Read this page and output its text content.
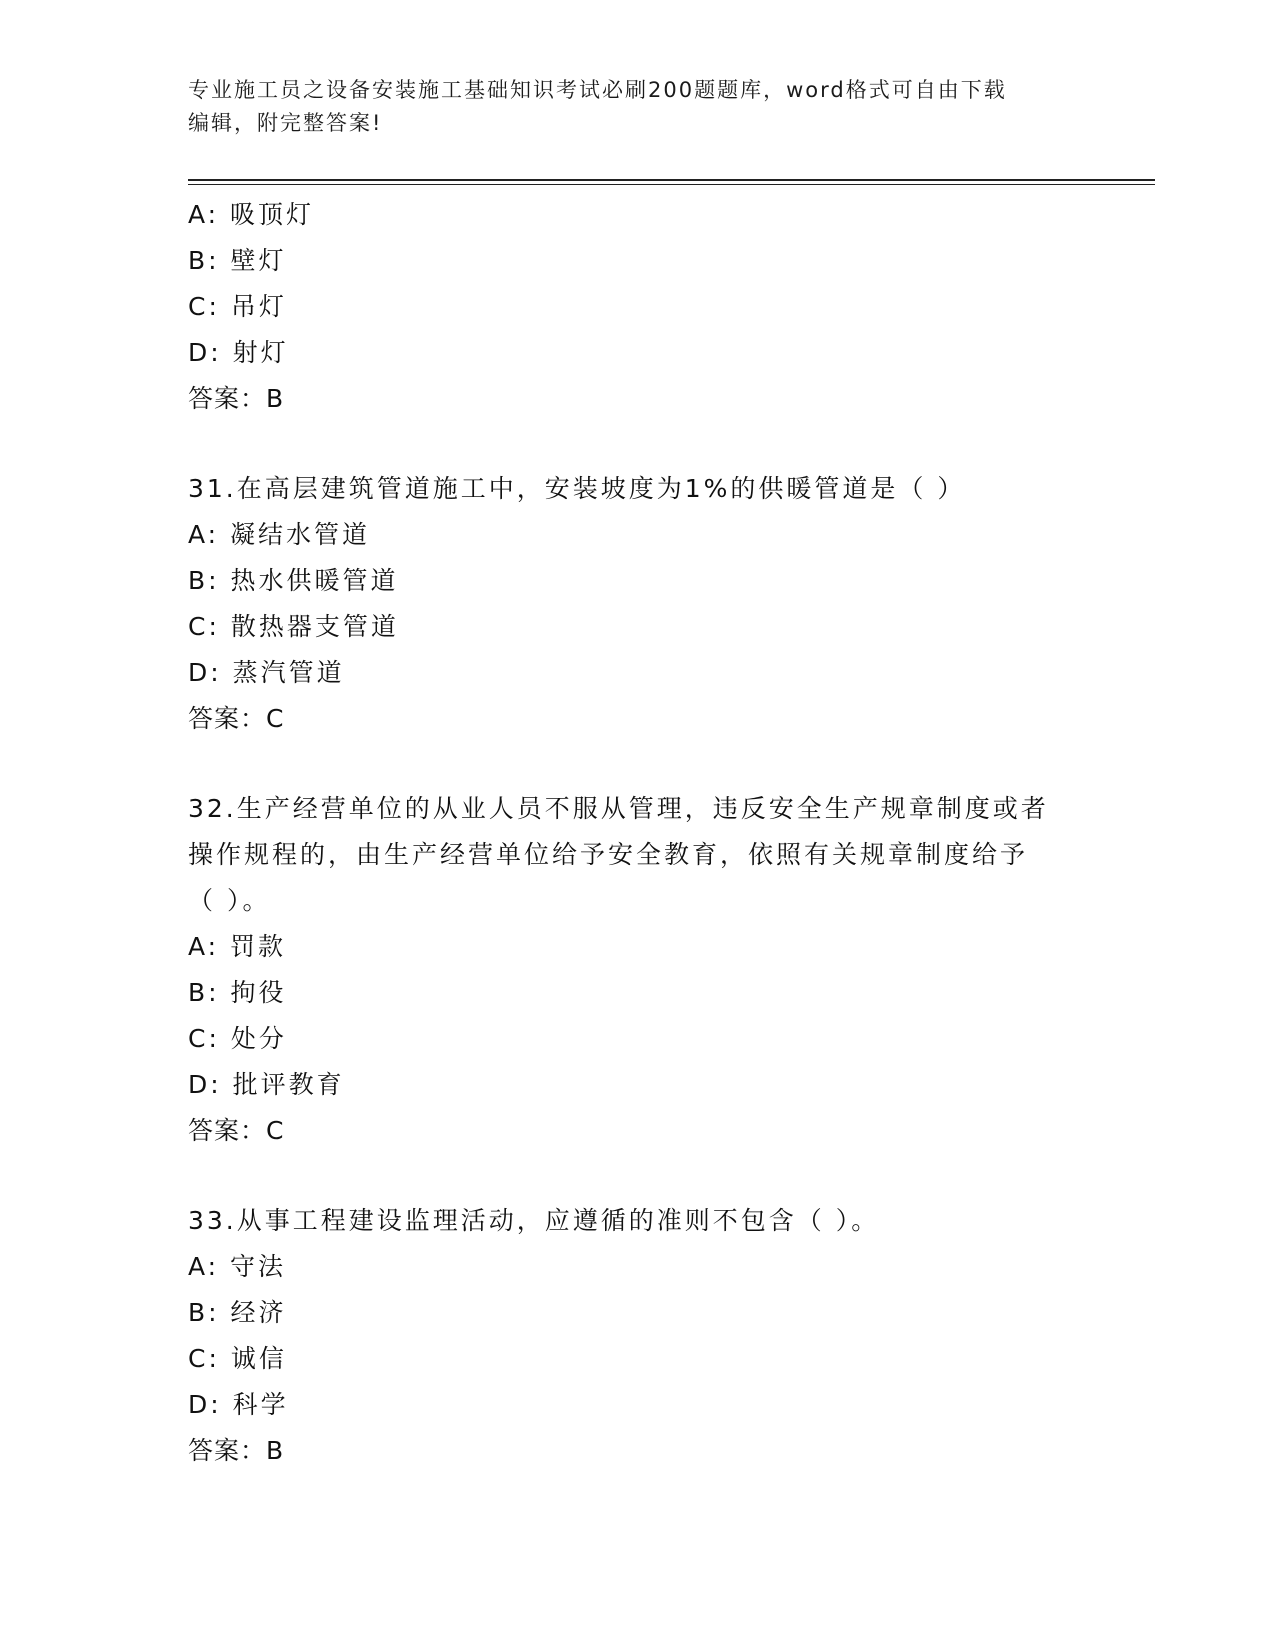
专业施工员之设备安装施工基础知识考试必刷200题题库，word格式可自由下载
编辑，附完整答案!
A: 吸顶灯
B: 壁灯
C: 吊灯
D: 射灯
答案：B
31.在高层建筑管道施工中，安装坡度为1%的供暖管道是（ ）
A: 凝结水管道
B: 热水供暖管道
C: 散热器支管道
D: 蒸汽管道
答案：C
32.生产经营单位的从业人员不服从管理，违反安全生产规章制度或者
操作规程的，由生产经营单位给予安全教育，依照有关规章制度给予
（ ）。
A: 罚款
B: 拘役
C: 处分
D: 批评教育
答案：C
33.从事工程建设监理活动，应遵循的准则不包含（ ）。
A: 守法
B: 经济
C: 诚信
D: 科学
答案：B
